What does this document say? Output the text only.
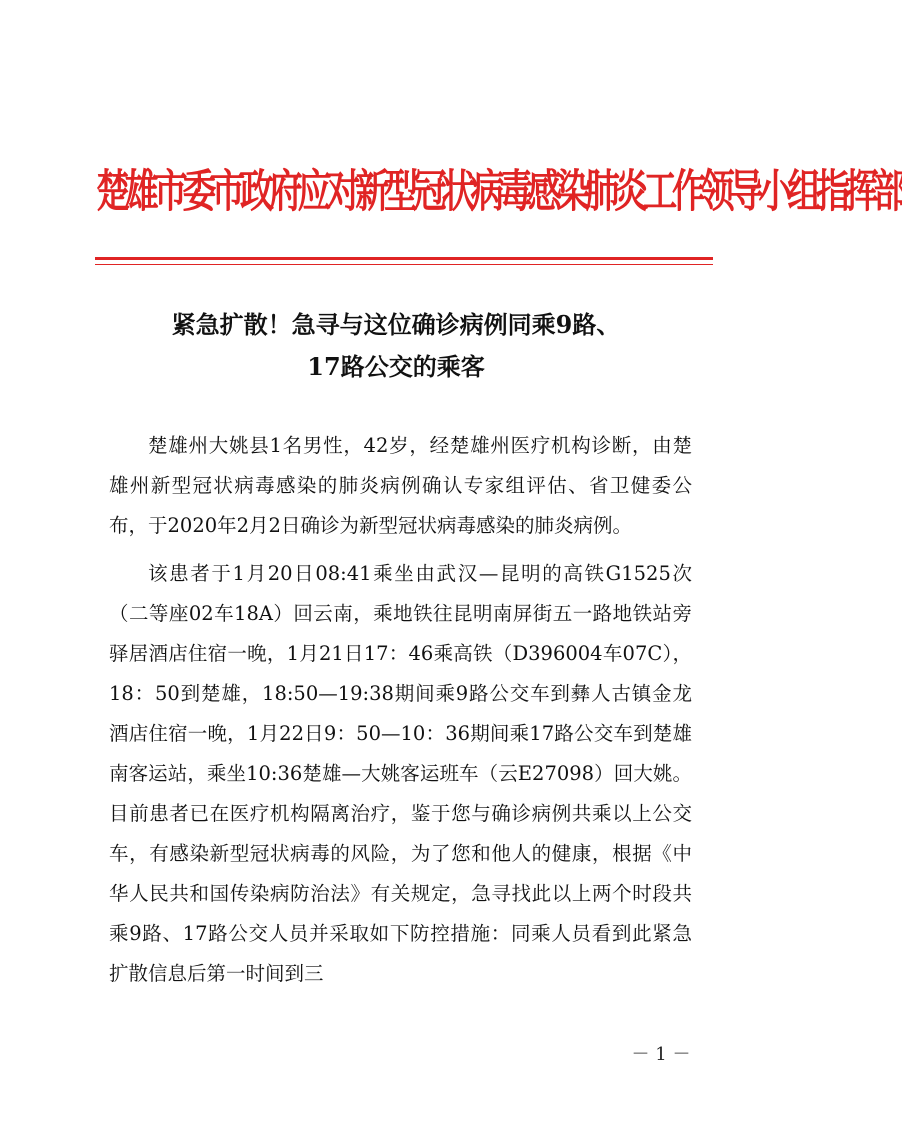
楚雄市委市政府应对新型冠状病毒感染肺炎工作领导小组指挥部
紧急扩散！急寻与这位确诊病例同乘9路、
17路公交的乘客

楚雄州大姚县1名男性，42岁，经楚雄州医疗机构诊断，由楚雄州新型冠状病毒感染的肺炎病例确认专家组评估、省卫健委公布，于2020年2月2日确诊为新型冠状病毒感染的肺炎病例。

该患者于1月20日08:41乘坐由武汉—昆明的高铁G1525次（二等座02车18A）回云南，乘地铁往昆明南屏街五一路地铁站旁驿居酒店住宿一晚，1月21日17：46乘高铁（D396004车07C），18：50到楚雄，18:50—19:38期间乘9路公交车到彝人古镇金龙酒店住宿一晚，1月22日9：50—10：36期间乘17路公交车到楚雄南客运站，乘坐10:36楚雄—大姚客运班车（云E27098）回大姚。目前患者已在医疗机构隔离治疗，鉴于您与确诊病例共乘以上公交车，有感染新型冠状病毒的风险，为了您和他人的健康，根据《中华人民共和国传染病防治法》有关规定，急寻找此以上两个时段共乘9路、17路公交人员并采取如下防控措施：同乘人员看到此紧急扩散信息后第一时间到三

－ 1 －
